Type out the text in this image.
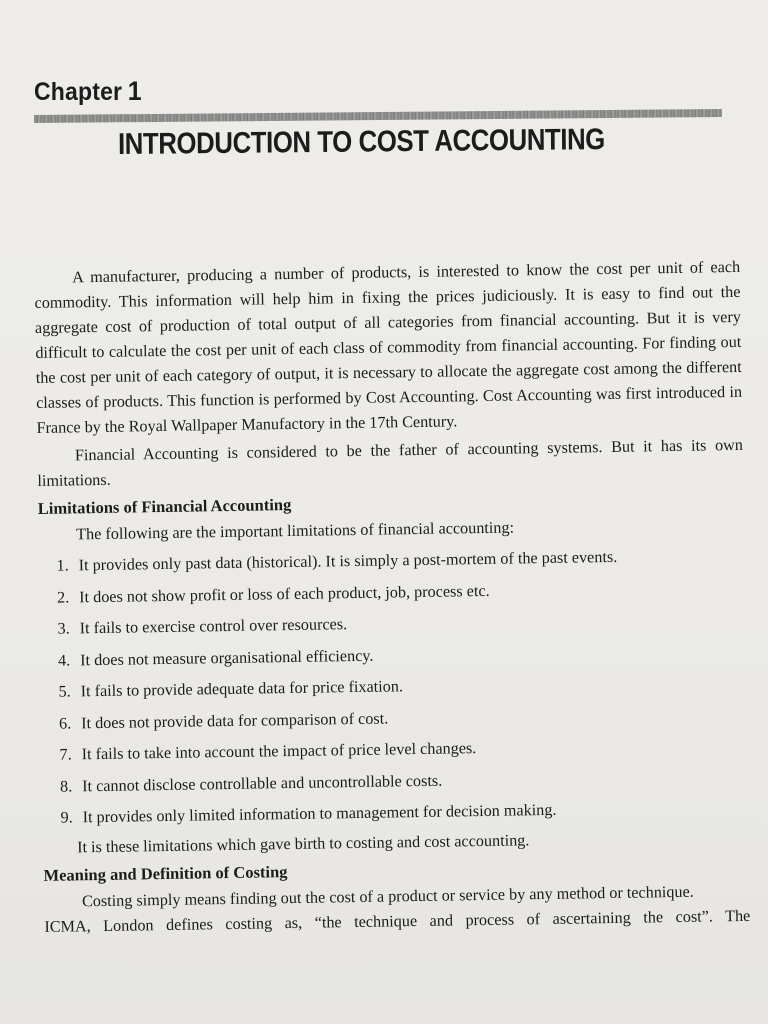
Chapter 1
INTRODUCTION TO COST ACCOUNTING

A manufacturer, producing a number of products, is interested to know the cost per unit of each commodity. This information will help him in fixing the prices judiciously. It is easy to find out the aggregate cost of production of total output of all categories from financial accounting. But it is very difficult to calculate the cost per unit of each class of commodity from financial accounting. For finding out the cost per unit of each category of output, it is necessary to allocate the aggregate cost among the different classes of products. This function is performed by Cost Accounting. Cost Accounting was first introduced in France by the Royal Wallpaper Manufactory in the 17th Century.

Financial Accounting is considered to be the father of accounting systems. But it has its own limitations.

Limitations of Financial Accounting

The following are the important limitations of financial accounting:

1. It provides only past data (historical). It is simply a post-mortem of the past events.
2. It does not show profit or loss of each product, job, process etc.
3. It fails to exercise control over resources.
4. It does not measure organisational efficiency.
5. It fails to provide adequate data for price fixation.
6. It does not provide data for comparison of cost.
7. It fails to take into account the impact of price level changes.
8. It cannot disclose controllable and uncontrollable costs.
9. It provides only limited information to management for decision making.

It is these limitations which gave birth to costing and cost accounting.

Meaning and Definition of Costing

Costing simply means finding out the cost of a product or service by any method or technique.

ICMA, London defines costing as, “the technique and process of ascertaining the cost”. The
